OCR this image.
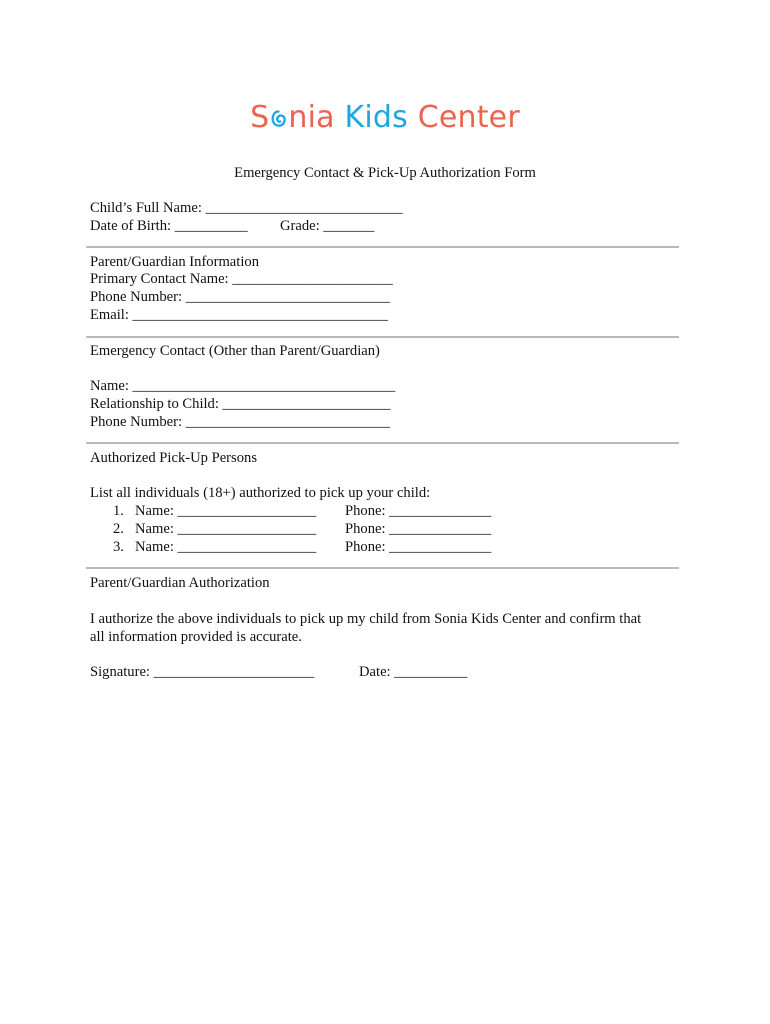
S nia Kids Center
Emergency Contact & Pick-Up Authorization Form
Child’s Full Name: ___________________________
Date of Birth: __________ Grade: _______
Parent/Guardian Information
Primary Contact Name: ______________________
Phone Number: ____________________________
Email: ___________________________________
Emergency Contact (Other than Parent/Guardian)
Name: ____________________________________
Relationship to Child: _______________________
Phone Number: ____________________________
Authorized Pick-Up Persons
List all individuals (18+) authorized to pick up your child:
1. Name: ___________________ Phone: ______________
2. Name: ___________________ Phone: ______________
3. Name: ___________________ Phone: ______________
Parent/Guardian Authorization
I authorize the above individuals to pick up my child from Sonia Kids Center and confirm that
all information provided is accurate.
Signature: ______________________	Date: __________
